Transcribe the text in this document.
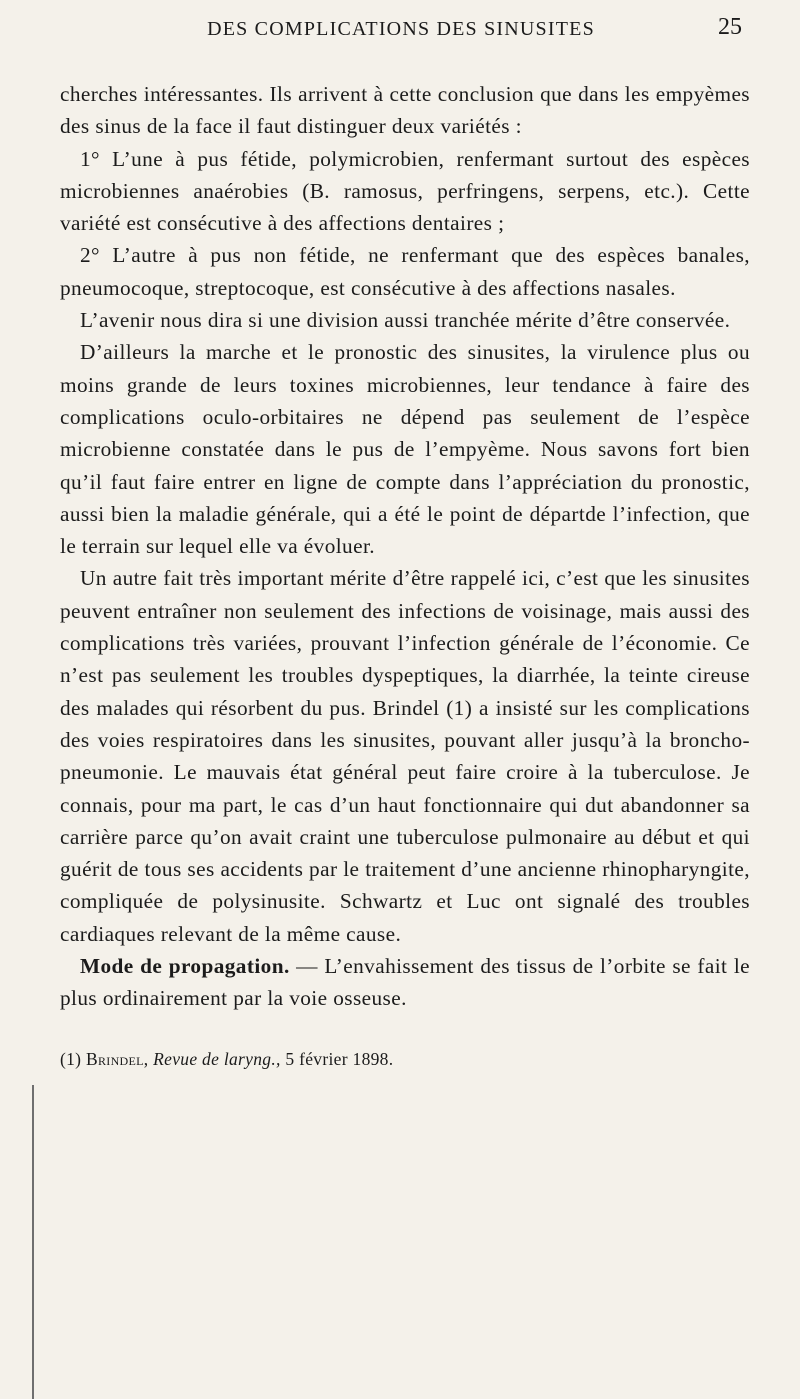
DES COMPLICATIONS DES SINUSITES	25

cherches intéressantes. Ils arrivent à cette conclusion que dans les empyèmes des sinus de la face il faut distinguer deux variétés :

1° L’une à pus fétide, polymicrobien, renfermant surtout des espèces microbiennes anaérobies (B. ramosus, perfringens, serpens, etc.). Cette variété est consécutive à des affections dentaires ;

2° L’autre à pus non fétide, ne renfermant que des espèces banales, pneumocoque, streptocoque, est consécutive à des affections nasales.

L’avenir nous dira si une division aussi tranchée mérite d’être conservée.

D’ailleurs la marche et le pronostic des sinusites, la virulence plus ou moins grande de leurs toxines microbiennes, leur tendance à faire des complications oculo-orbitaires ne dépend pas seulement de l’espèce microbienne constatée dans le pus de l’empyème. Nous savons fort bien qu’il faut faire entrer en ligne de compte dans l’appréciation du pronostic, aussi bien la maladie générale, qui a été le point de départde l’infection, que le terrain sur lequel elle va évoluer.

Un autre fait très important mérite d’être rappelé ici, c’est que les sinusites peuvent entraîner non seulement des infections de voisinage, mais aussi des complications très variées, prouvant l’infection générale de l’économie. Ce n’est pas seulement les troubles dyspeptiques, la diarrhée, la teinte cireuse des malades qui résorbent du pus. Brindel (1) a insisté sur les complications des voies respiratoires dans les sinusites, pouvant aller jusqu’à la broncho-pneumonie. Le mauvais état général peut faire croire à la tuberculose. Je connais, pour ma part, le cas d’un haut fonctionnaire qui dut abandonner sa carrière parce qu’on avait craint une tuberculose pulmonaire au début et qui guérit de tous ses accidents par le traitement d’une ancienne rhinopharyngite, compliquée de polysinusite. Schwartz et Luc ont signalé des troubles cardiaques relevant de la même cause.

Mode de propagation. — L’envahissement des tissus de l’orbite se fait le plus ordinairement par la voie osseuse.

(1) Brindel, Revue de laryng., 5 février 1898.
